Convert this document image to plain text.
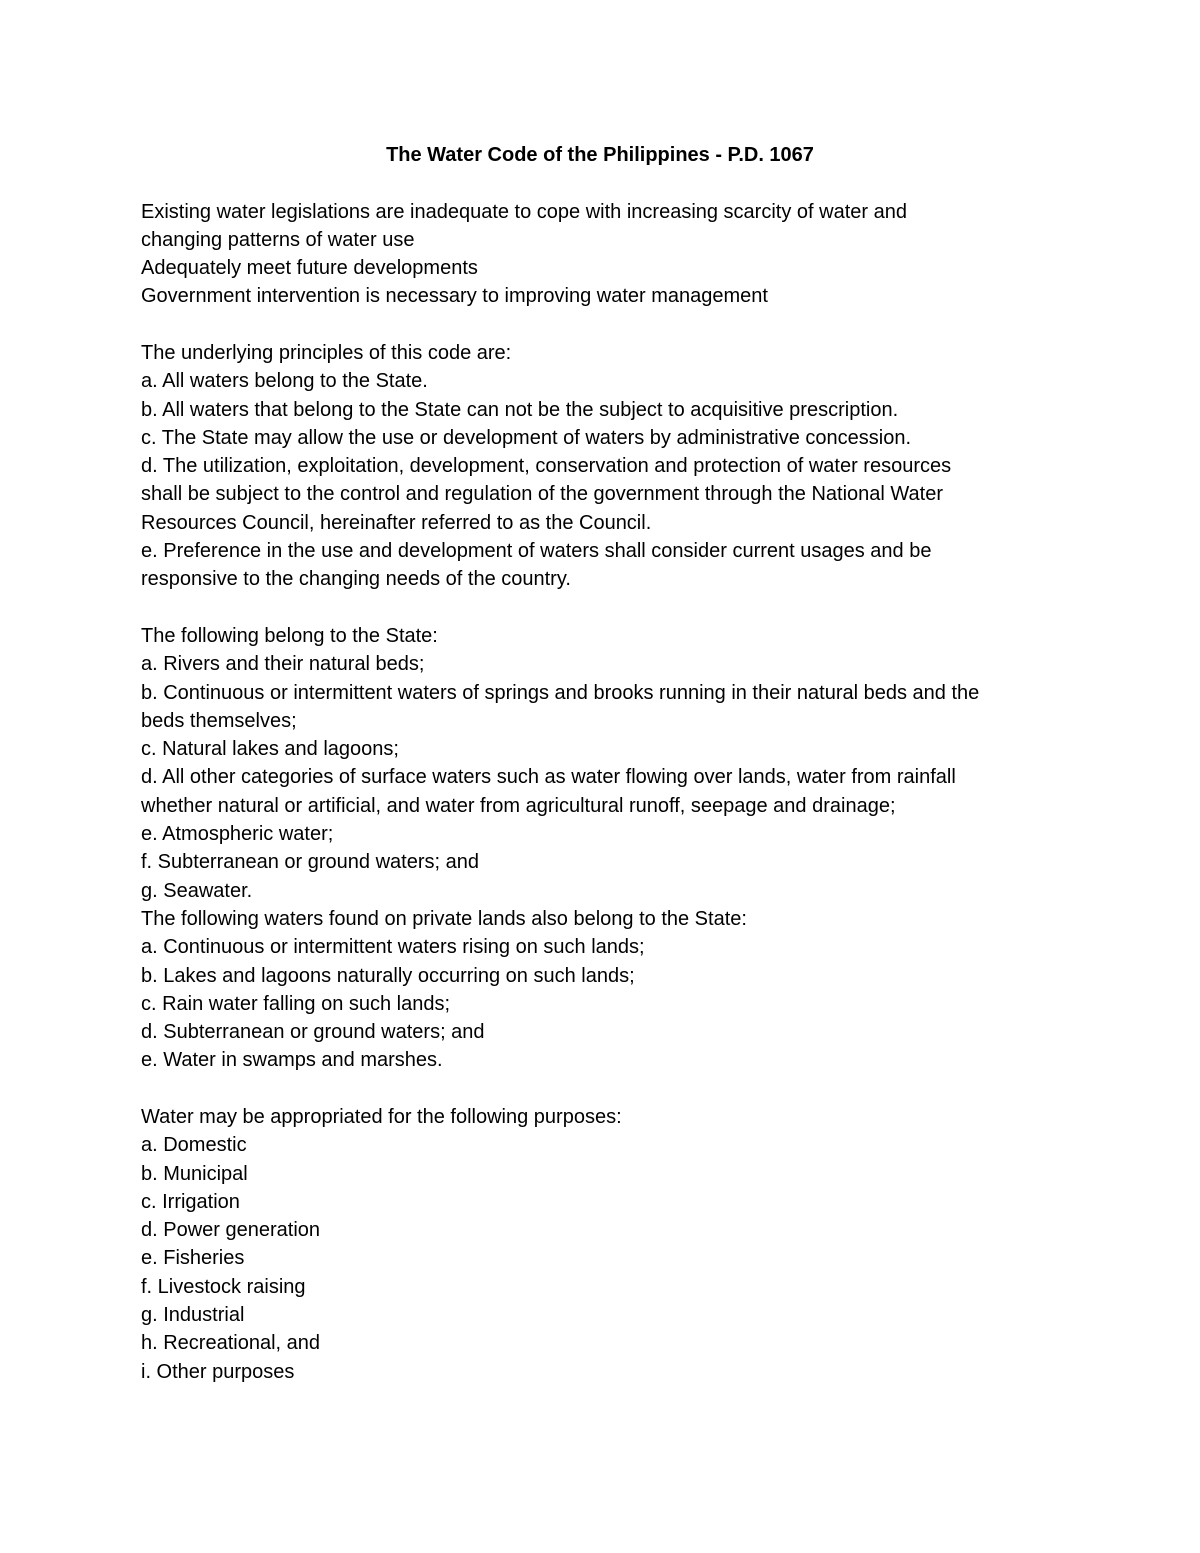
The Water Code of the Philippines - P.D. 1067

Existing water legislations are inadequate to cope with increasing scarcity of water and

changing patterns of water use

Adequately meet future developments

Government intervention is necessary to improving water management

The underlying principles of this code are:

a. All waters belong to the State.

b. All waters that belong to the State can not be the subject to acquisitive prescription.

c. The State may allow the use or development of waters by administrative concession.

d. The utilization, exploitation, development, conservation and protection of water resources

shall be subject to the control and regulation of the government through the National Water

Resources Council, hereinafter referred to as the Council.

e. Preference in the use and development of waters shall consider current usages and be

responsive to the changing needs of the country.

The following belong to the State:

a. Rivers and their natural beds;

b. Continuous or intermittent waters of springs and brooks running in their natural beds and the

beds themselves;

c. Natural lakes and lagoons;

d. All other categories of surface waters such as water flowing over lands, water from rainfall

whether natural or artificial, and water from agricultural runoff, seepage and drainage;

e. Atmospheric water;

f. Subterranean or ground waters; and

g. Seawater.

The following waters found on private lands also belong to the State:

a. Continuous or intermittent waters rising on such lands;

b. Lakes and lagoons naturally occurring on such lands;

c. Rain water falling on such lands;

d. Subterranean or ground waters; and

e. Water in swamps and marshes.

Water may be appropriated for the following purposes:

a. Domestic

b. Municipal

c. Irrigation

d. Power generation

e. Fisheries

f. Livestock raising

g. Industrial

h. Recreational, and

i. Other purposes
